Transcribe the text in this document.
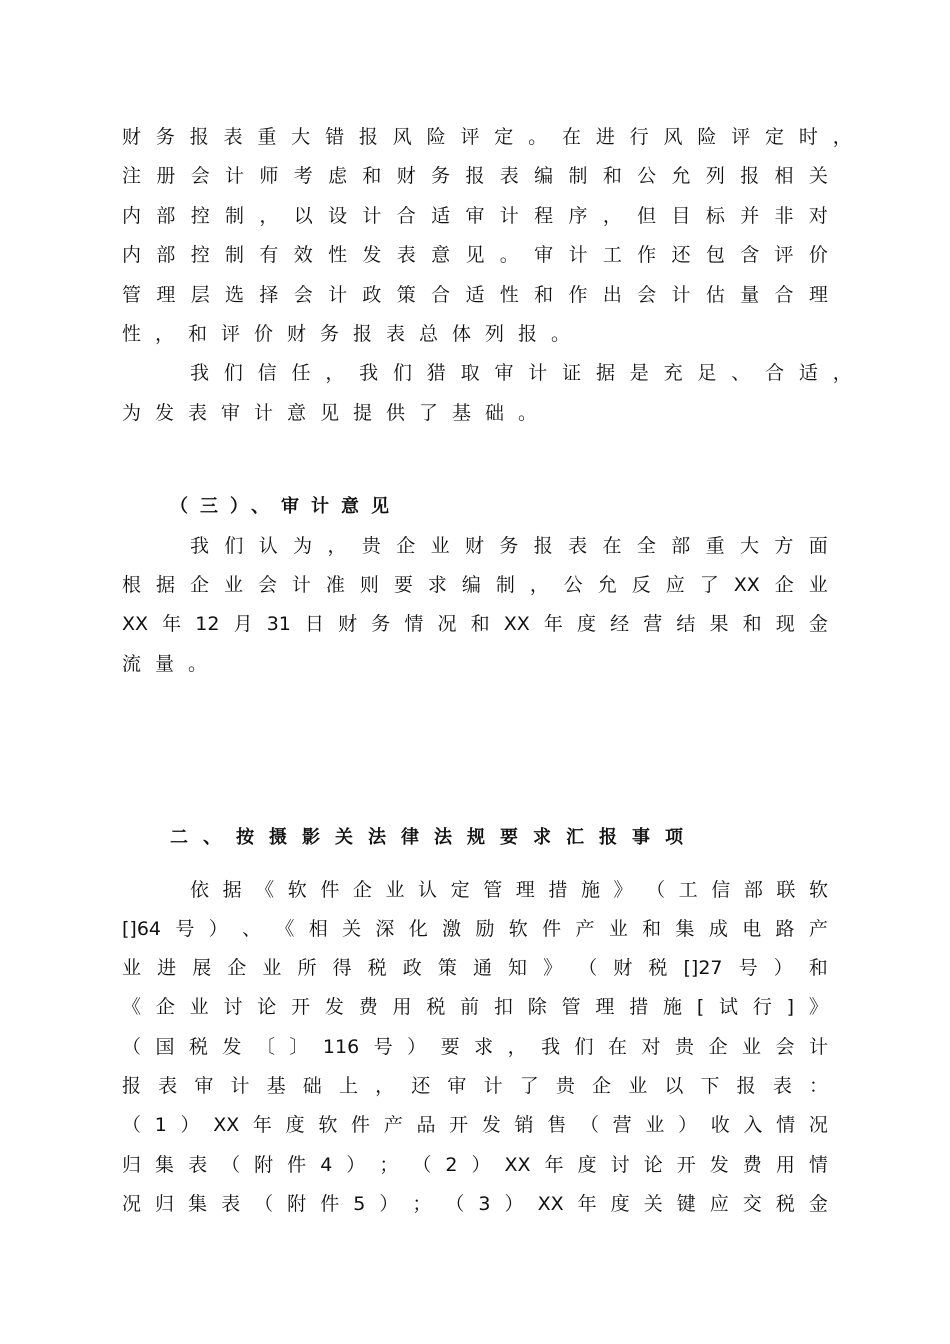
财 务 报 表 重 大 错 报 风 险 评 定 。 在 进 行 风 险 评 定 时 ，
注 册 会 计 师 考 虑 和 财 务 报 表 编 制 和 公 允 列 报 相 关
内 部 控 制 ， 以 设 计 合 适 审 计 程 序 ， 但 目 标 并 非 对
内 部 控 制 有 效 性 发 表 意 见 。 审 计 工 作 还 包 含 评 价
管 理 层 选 择 会 计 政 策 合 适 性 和 作 出 会 计 估 量 合 理
性，和评价财务报表总体列报。
我 们 信 任 ， 我 们 猎 取 审 计 证 据 是 充 足 、 合 适 ，
为发表审计意见提供了基础。
（三）、审计意见
我 们 认 为 ， 贵 企 业 财 务 报 表 在 全 部 重 大 方 面
根 据 企 业 会 计 准 则 要 求 编 制 ， 公 允 反 应 了 XX 企 业
XX 年 12 月 31 日 财 务 情 况 和 XX 年 度 经 营 结 果 和 现 金
流量。
二、按摄影关法律法规要求汇报事项
依 据 《 软 件 企 业 认 定 管 理 措 施 》 （ 工 信 部 联 软
[]64 号 ） 、 《 相 关 深 化 激 励 软 件 产 业 和 集 成 电 路 产
业 进 展 企 业 所 得 税 政 策 通 知 》 （ 财 税 []27 号 ） 和
《 企 业 讨 论 开 发 费 用 税 前 扣 除 管 理 措 施 [ 试 行 ] 》
（ 国 税 发 〔 〕 116 号 ） 要 求 ， 我 们 在 对 贵 企 业 会 计
报 表 审 计 基 础 上 ， 还 审 计 了 贵 企 业 以 下 报 表 ：
（ 1 ） XX 年 度 软 件 产 品 开 发 销 售 （ 营 业 ） 收 入 情 况
归 集 表 （ 附 件 4 ） ； （ 2 ） XX 年 度 讨 论 开 发 费 用 情
况 归 集 表 （ 附 件 5 ） ； （ 3 ） XX 年 度 关 键 应 交 税 金
